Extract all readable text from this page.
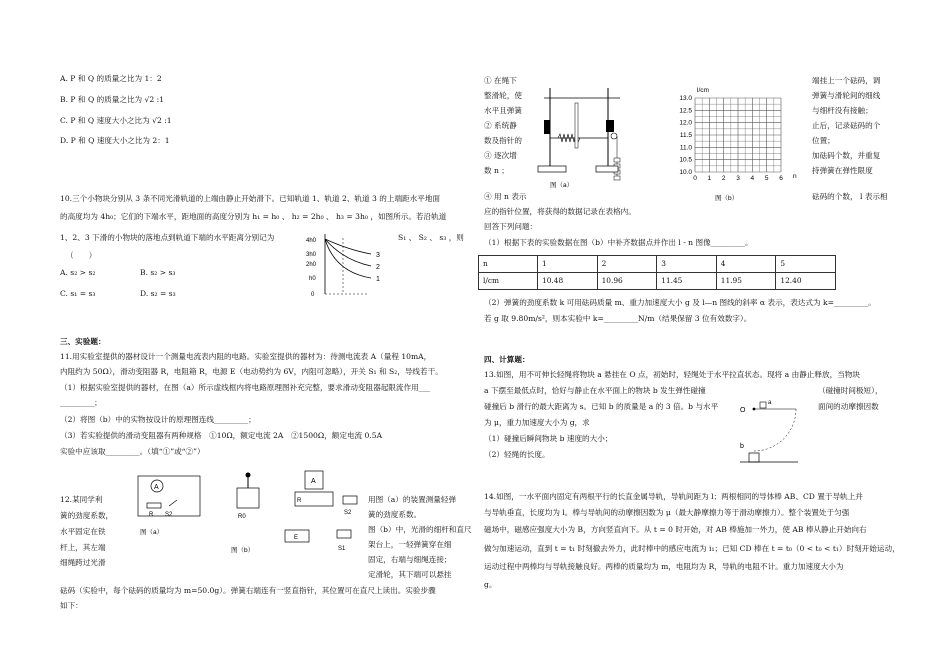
A. P 和 Q 的质量之比为 1：2
B. P 和 Q 的质量之比为 √2 :1
C. P 和 Q 速度大小之比为 √2 :1
D. P 和 Q 速度大小之比为 2：1
10.三个小物块分别从 3 条不同光滑轨道的上端由静止开始滑下。已知轨道 1、轨道 2、轨道 3 的上端距水平地面
的高度均为 4h₀；它们的下端水平，距地面的高度分别为 h₁ = h₀ 、 h₂ = 2h₀ 、 h₃ = 3h₀ ，如图所示。若沿轨道
1、2、3 下滑的小物块的落地点到轨道下端的水平距离分别记为	S₁ 、 S₂ 、 s₃ ，则
（　　）
A. s₂ > s₂	B. s₂ > s₃
C. s₁ = s₃	D. s₂ = s₃
4h0
3h0
2h0
h0
0
3
2
1
三、实验题：
11.用实验室提供的器材设计一个测量电流表内阻的电路。实验室提供的器材为：待测电流表 A（量程 10mA，
内阻约为 50Ω），滑动变阻器 R，电阻箱 R，电源 E（电动势约为 6V，内阻可忽略），开关 S₁ 和 S₂，导线若干。
（1）根据实验室提供的器材，在图（a）所示虚线框内将电路原理图补充完整，要求滑动变阻器起限流作用___
_________；
（2）将图（b）中的实物按设计的原理图连线_________；
（3）若实验提供的滑动变阻器有两种规格　①10Ω，额定电流 2A　②1500Ω，额定电流 0.5A
实验中应该取_________。（填“①”或“②”）
A
R S2
图（a）
A
R
S2
E
S1
R0
图（b）
12.某同学利
簧的劲度系数，
水平固定在铁
杆上，其左端
细绳跨过光滑
用图（a）的装置测量轻弹
簧的劲度系数。
图（b）中，光滑的细杆和直尺
架台上，一轻弹簧穿在细
固定，右端与细绳连接；
定滑轮，其下端可以悬挂
砝码（实验中，每个砝码的质量均为 m=50.0g）。弹簧右端连有一竖直指针，其位置可在直尺上读出。实验步骤
如下：
① 在绳下
整滑轮，使
水平且弹簧
② 系统静
数及指针的
③ 逐次增
数 n ；
④ 用 n 表示
应的指针位置，将获得的数据记录在表格内。
回答下列问题：
图（a）
l/cm
n
图（b）
10.0
10.5
11.0
11.5
12.0
12.5
13.0
0 1 2 3 4 5 6
端挂上一个砝码，调
弹簧与滑轮间的细线
与细杆没有接触；
止后，记录砝码的个
位置；
加砝码个数，并重复
持弹簧在弹性限度
砝码的个数， l 表示相
（1）根据下表的实验数据在图（b）中补齐数据点并作出 l - n 图像_________。
n	1	2	3	4	5
l/cm	10.48	10.96	11.45	11.95	12.40
（2）弹簧的劲度系数 k 可用砝码质量 m、重力加速度大小 g 及 l—n 图线的斜率 α 表示，表达式为 k=_________。
若 g 取 9.80m/s²，则本实验中 k=_________N/m（结果保留 3 位有效数字）。
四、计算题：
13.如图，用不可伸长轻绳将物块 a 悬挂在 O 点，初始时，轻绳处于水平拉直状态。现将 a 由静止释放，当物块
a 下摆至最低点时，恰好与静止在水平面上的物块 b 发生弹性碰撞
碰撞后 b 滑行的最大距离为 s。已知 b 的质量是 a 的 3 倍。b 与水平
为 μ，重力加速度大小为 g，求
（1）碰撞后瞬间物块 b 速度的大小；
（2）轻绳的长度。
（碰撞时间极短），
面间的动摩擦因数
O
a
b
14.如图，一水平面内固定有两根平行的长直金属导轨，导轨间距为 l；两根相同的导体棒 AB、CD 置于导轨上并
与导轨垂直，长度均为 l。棒与导轨间的动摩擦因数为 μ（最大静摩擦力等于滑动摩擦力）。整个装置处于匀强
磁场中，磁感应强度大小为 B，方向竖直向下。从 t = 0 时开始，对 AB 棒施加一外力，使 AB 棒从静止开始向右
做匀加速运动，直到 t = t₁ 时刻撤去外力，此时棒中的感应电流为 i₁；已知 CD 棒在 t = t₀（0 < t₀ < t₁）时刻开始运动，
运动过程中两棒均与导轨接触良好。两棒的质量均为 m，电阻均为 R，导轨的电阻不计。重力加速度大小为
g。
